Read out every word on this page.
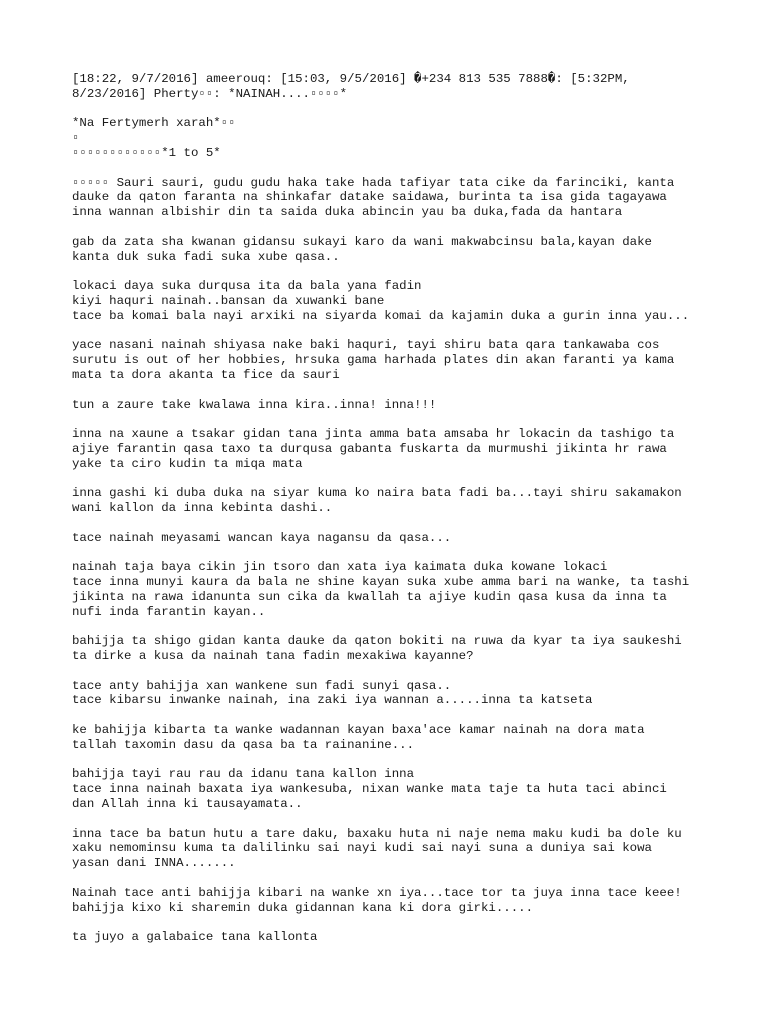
[18:22, 9/7/2016] ameerouq: [15:03, 9/5/2016] �+234 813 535 7888�: [5:32PM,
8/23/2016] Pherty▫▫: *NAINAH....▫▫▫▫*
*Na Fertymerh xarah*▫▫
▫
▫▫▫▫▫▫▫▫▫▫▫▫*1 to 5*
▫▫▫▫▫ Sauri sauri, gudu gudu haka take hada tafiyar tata cike da farinciki, kanta
dauke da qaton faranta na shinkafar datake saidawa, burinta ta isa gida tagayawa
inna wannan albishir din ta saida duka abincin yau ba duka,fada da hantara
gab da zata sha kwanan gidansu sukayi karo da wani makwabcinsu bala,kayan dake
kanta duk suka fadi suka xube qasa..
lokaci daya suka durqusa ita da bala yana fadin
kiyi haquri nainah..bansan da xuwanki bane
tace ba komai bala nayi arxiki na siyarda komai da kajamin duka a gurin inna yau...
yace nasani nainah shiyasa nake baki haquri, tayi shiru bata qara tankawaba cos
surutu is out of her hobbies, hrsuka gama harhada plates din akan faranti ya kama
mata ta dora akanta ta fice da sauri
tun a zaure take kwalawa inna kira..inna! inna!!!
inna na xaune a tsakar gidan tana jinta amma bata amsaba hr lokacin da tashigo ta
ajiye farantin qasa taxo ta durqusa gabanta fuskarta da murmushi jikinta hr rawa
yake ta ciro kudin ta miqa mata
inna gashi ki duba duka na siyar kuma ko naira bata fadi ba...tayi shiru sakamakon
wani kallon da inna kebinta dashi..
tace nainah meyasami wancan kaya nagansu da qasa...
nainah taja baya cikin jin tsoro dan xata iya kaimata duka kowane lokaci
tace inna munyi kaura da bala ne shine kayan suka xube amma bari na wanke, ta tashi
jikinta na rawa idanunta sun cika da kwallah ta ajiye kudin qasa kusa da inna ta
nufi inda farantin kayan..
bahijja ta shigo gidan kanta dauke da qaton bokiti na ruwa da kyar ta iya saukeshi
ta dirke a kusa da nainah tana fadin mexakiwa kayanne?
tace anty bahijja xan wankene sun fadi sunyi qasa..
tace kibarsu inwanke nainah, ina zaki iya wannan a.....inna ta katseta
ke bahijja kibarta ta wanke wadannan kayan baxa'ace kamar nainah na dora mata
tallah taxomin dasu da qasa ba ta rainanine...
bahijja tayi rau rau da idanu tana kallon inna
tace inna nainah baxata iya wankesuba, nixan wanke mata taje ta huta taci abinci
dan Allah inna ki tausayamata..
inna tace ba batun hutu a tare daku, baxaku huta ni naje nema maku kudi ba dole ku
xaku nemominsu kuma ta dalilinku sai nayi kudi sai nayi suna a duniya sai kowa
yasan dani INNA.......
Nainah tace anti bahijja kibari na wanke xn iya...tace tor ta juya inna tace keee!
bahijja kixo ki sharemin duka gidannan kana ki dora girki.....
ta juyo a galabaice tana kallonta
